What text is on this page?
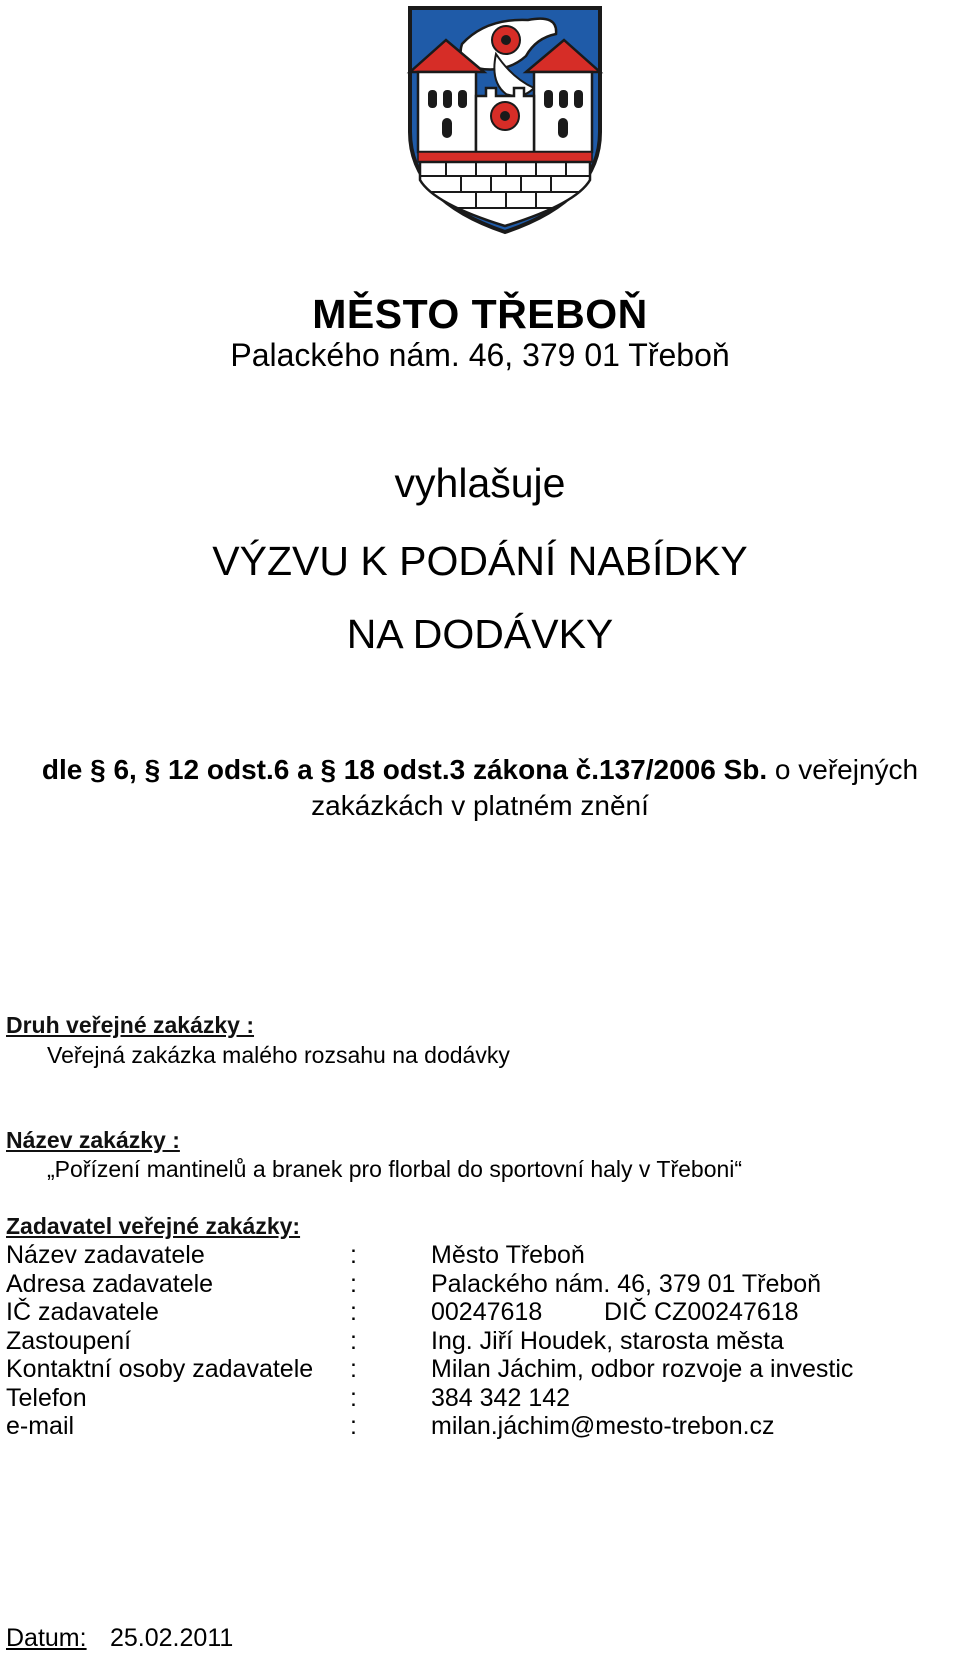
MĚSTO TŘEBOŇ
Palackého nám. 46, 379 01 Třeboň
vyhlašuje
VÝZVU K PODÁNÍ NABÍDKY
NA DODÁVKY
dle § 6, § 12 odst.6 a § 18 odst.3 zákona č.137/2006 Sb. o veřejných
zakázkách v platném znění
Druh veřejné zakázky :
Veřejná zakázka malého rozsahu na dodávky
Název zakázky :
„Pořízení mantinelů a branek pro florbal do sportovní haly v Třeboni“
Zadavatel veřejné zakázky:
Název zadavatele	:	Město Třeboň
Adresa zadavatele	:	Palackého nám. 46, 379 01 Třeboň
IČ zadavatele	:	00247618 DIČ CZ00247618
Zastoupení	:	Ing. Jiří Houdek, starosta města
Kontaktní osoby zadavatele :	Milan Jáchim, odbor rozvoje a investic
Telefon	:	384 342 142
e-mail	:	milan.jáchim@mesto-trebon.cz
Datum: 25.02.2011
